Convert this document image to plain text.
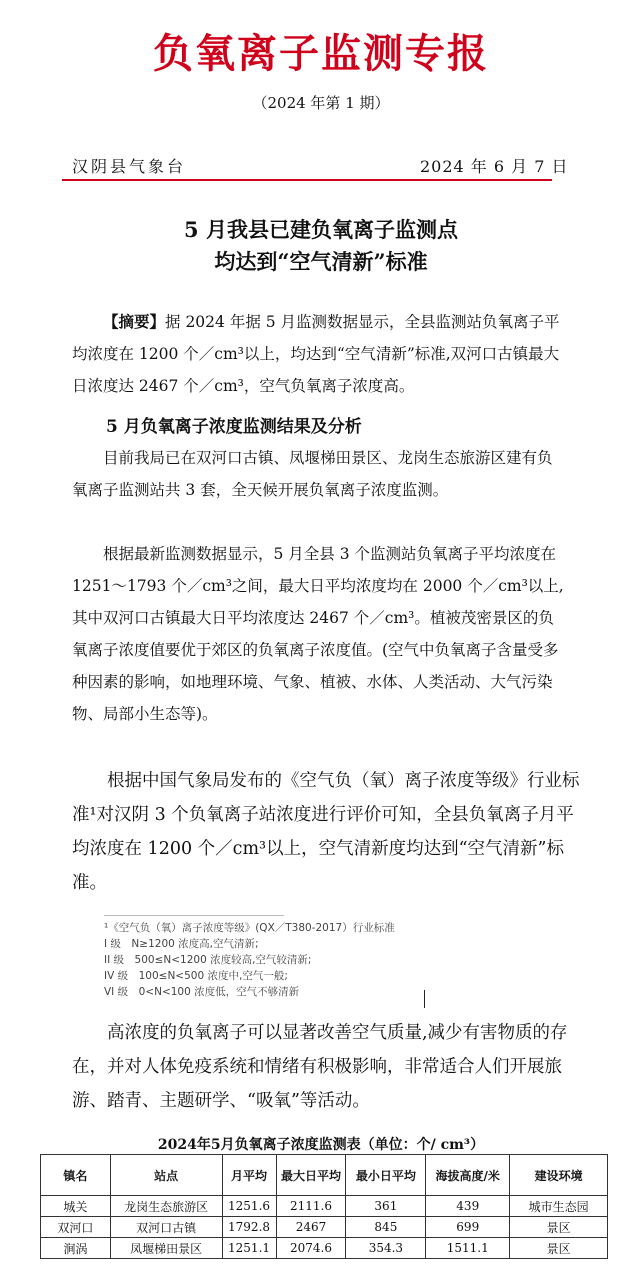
负氧离子监测专报
（2024 年第 1 期）
汉阴县气象台	2024 年 6 月 7 日
5 月我县已建负氧离子监测点
均达到“空气清新”标准

【摘要】据 2024 年据 5 月监测数据显示，全县监测站负氧离子平均浓度在 1200 个／cm³以上，均达到“空气清新”标准,双河口古镇最大日浓度达 2467 个／cm³，空气负氧离子浓度高。

5 月负氧离子浓度监测结果及分析

目前我局已在双河口古镇、凤堰梯田景区、龙岗生态旅游区建有负氧离子监测站共 3 套，全天候开展负氧离子浓度监测。

根据最新监测数据显示，5 月全县 3 个监测站负氧离子平均浓度在 1251～1793 个／cm³之间，最大日平均浓度均在 2000 个／cm³以上,其中双河口古镇最大日平均浓度达 2467 个／cm³。植被茂密景区的负氧离子浓度值要优于郊区的负氧离子浓度值。(空气中负氧离子含量受多种因素的影响，如地理环境、气象、植被、水体、人类活动、大气污染物、局部小生态等)。

根据中国气象局发布的《空气负（氧）离子浓度等级》行业标准¹对汉阴 3 个负氧离子站浓度进行评价可知，全县负氧离子月平均浓度在 1200 个／cm³以上，空气清新度均达到“空气清新”标准。

¹《空气负（氧）离子浓度等级》(QX／T380-2017）行业标准
I 级　N≥1200 浓度高,空气清新;
II 级　500≤N<1200 浓度较高,空气较清新;
IV 级　100≤N<500 浓度中,空气一般;
VI 级　0<N<100 浓度低，空气不够清新

高浓度的负氧离子可以显著改善空气质量,减少有害物质的存在，并对人体免疫系统和情绪有积极影响，非常适合人们开展旅游、踏青、主题研学、“吸氧”等活动。

2024年5月负氧离子浓度监测表（单位：个/ cm³）
镇名	站点	月平均	最大日平均	最小日平均	海拔高度/米	建设环境
城关	龙岗生态旅游区	1251.6	2111.6	361	439	城市生态园
双河口	双河口古镇	1792.8	2467	845	699	景区
涧涡	凤堰梯田景区	1251.1	2074.6	354.3	1511.1	景区
